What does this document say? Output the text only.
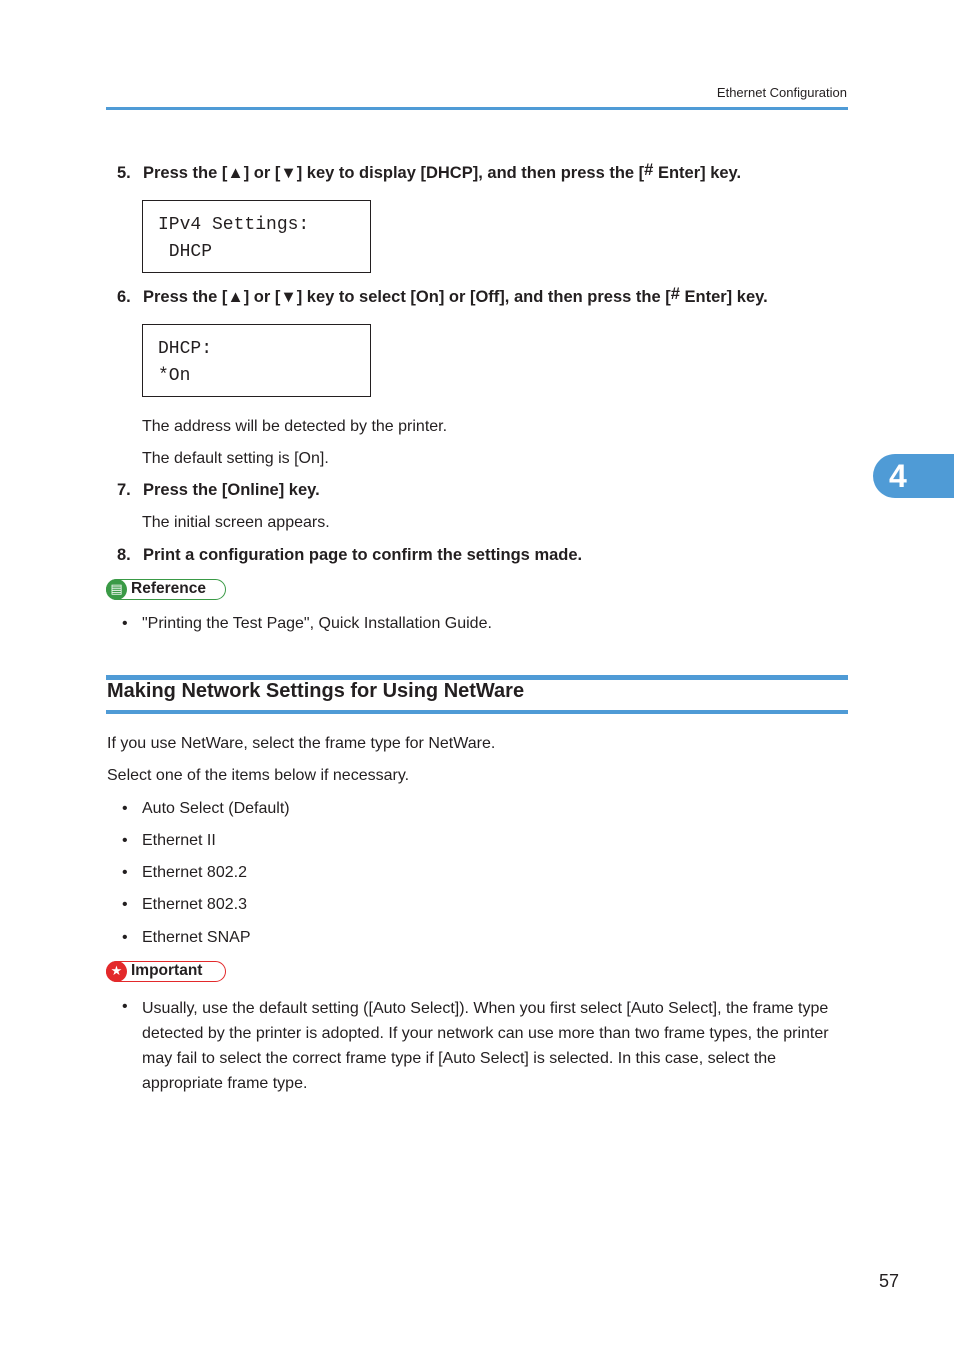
Ethernet Configuration
5. Press the [▲] or [▼] key to display [DHCP], and then press the [# Enter] key.
IPv4 Settings:
DHCP
6. Press the [▲] or [▼] key to select [On] or [Off], and then press the [# Enter] key.
DHCP:
*On
The address will be detected by the printer.
The default setting is [On].
7. Press the [Online] key.
The initial screen appears.
8. Print a configuration page to confirm the settings made.
▤ Reference
• "Printing the Test Page", Quick Installation Guide.
Making Network Settings for Using NetWare
If you use NetWare, select the frame type for NetWare.
Select one of the items below if necessary.
• Auto Select (Default)
• Ethernet II
• Ethernet 802.2
• Ethernet 802.3
• Ethernet SNAP
★ Important
• Usually, use the default setting ([Auto Select]). When you first select [Auto Select], the frame type detected by the printer is adopted. If your network can use more than two frame types, the printer may fail to select the correct frame type if [Auto Select] is selected. In this case, select the appropriate frame type.
4
57
